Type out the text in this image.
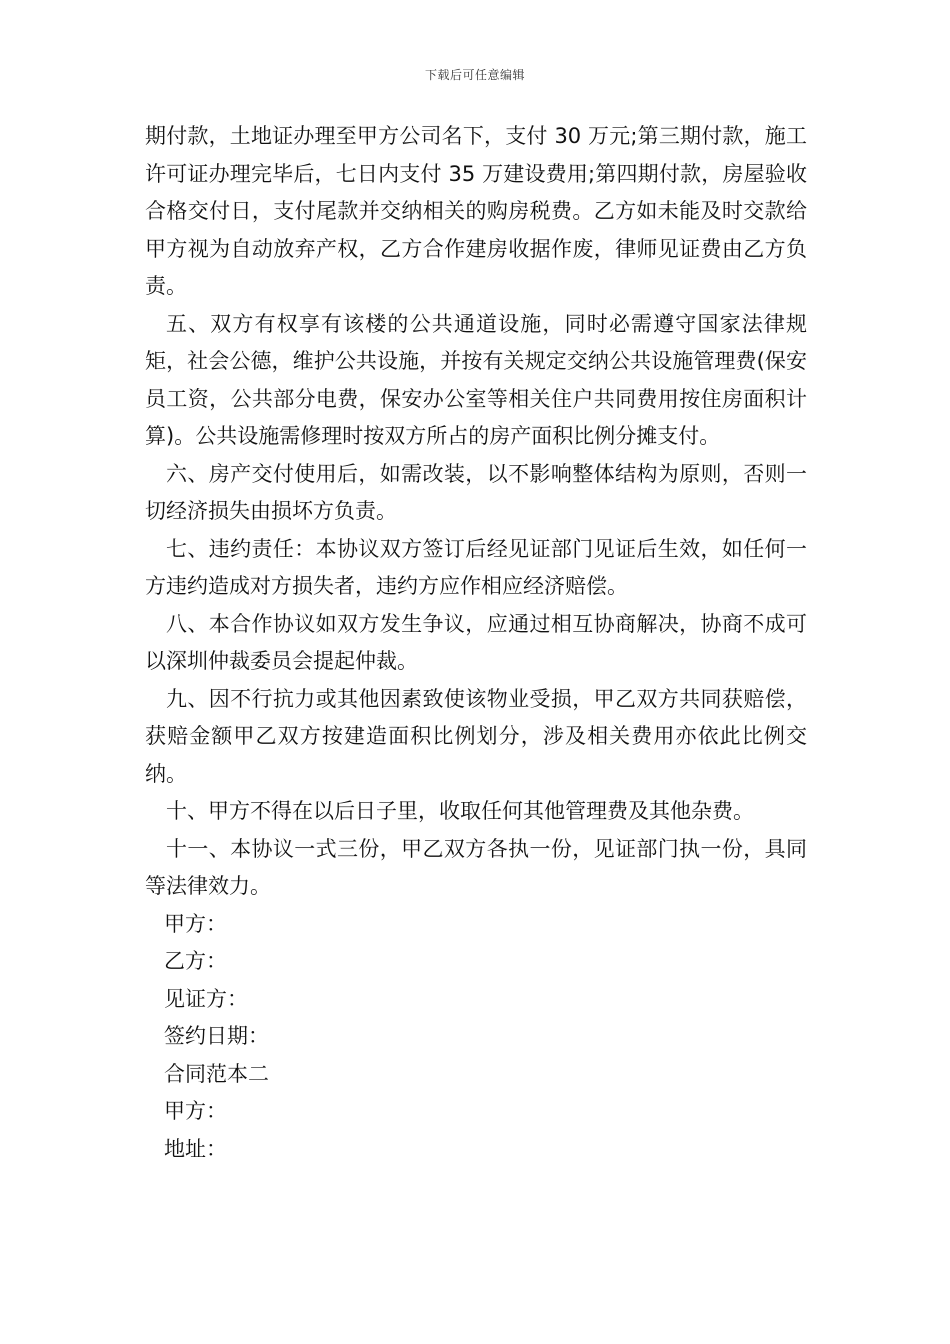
下载后可任意编辑

期付款，土地证办理至甲方公司名下，支付 30 万元;第三期付款，施工许可证办理完毕后，七日内支付 35 万建设费用;第四期付款，房屋验收合格交付日，支付尾款并交纳相关的购房税费。乙方如未能及时交款给甲方视为自动放弃产权，乙方合作建房收据作废，律师见证费由乙方负责。

五、双方有权享有该楼的公共通道设施，同时必需遵守国家法律规矩，社会公德，维护公共设施，并按有关规定交纳公共设施管理费(保安员工资，公共部分电费，保安办公室等相关住户共同费用按住房面积计算)。公共设施需修理时按双方所占的房产面积比例分摊支付。

六、房产交付使用后，如需改装，以不影响整体结构为原则，否则一切经济损失由损坏方负责。

七、违约责任：本协议双方签订后经见证部门见证后生效，如任何一方违约造成对方损失者，违约方应作相应经济赔偿。

八、本合作协议如双方发生争议，应通过相互协商解决，协商不成可以深圳仲裁委员会提起仲裁。

九、因不行抗力或其他因素致使该物业受损，甲乙双方共同获赔偿，获赔金额甲乙双方按建造面积比例划分，涉及相关费用亦依此比例交纳。

十、甲方不得在以后日子里，收取任何其他管理费及其他杂费。

十一、本协议一式三份，甲乙双方各执一份，见证部门执一份，具同等法律效力。

甲方：

乙方：

见证方：

签约日期：

合同范本二

甲方：

地址：
